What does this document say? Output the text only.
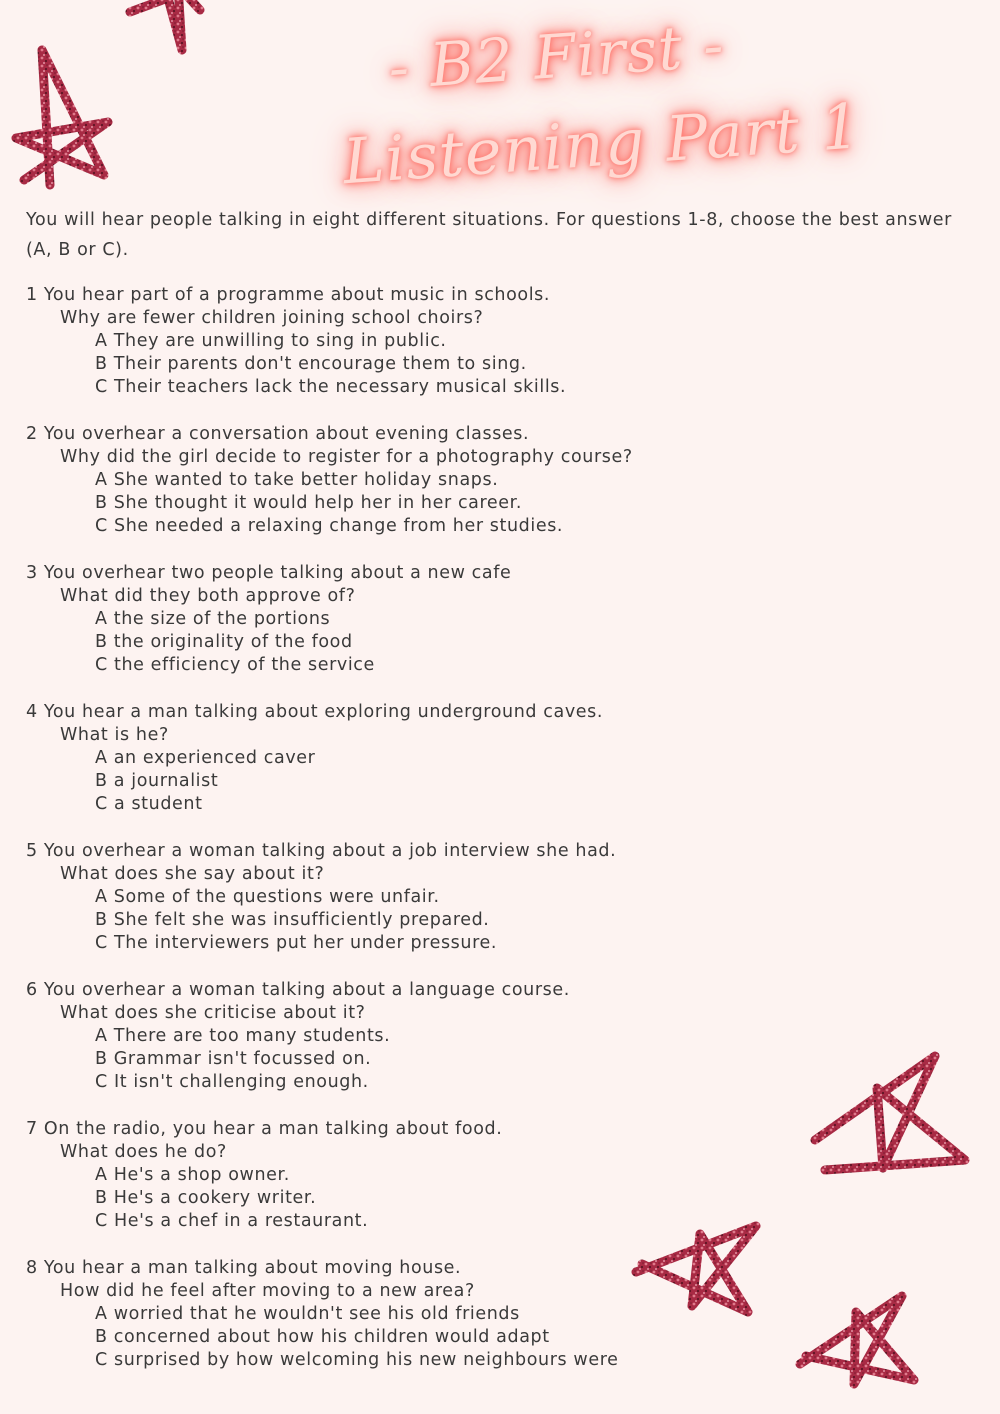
- B2 First -
Listening Part 1
You will hear people talking in eight different situations. For questions 1-8, choose the best answer (A, B or C).
1 You hear part of a programme about music in schools.
Why are fewer children joining school choirs?
A They are unwilling to sing in public.
B Their parents don't encourage them to sing.
C Their teachers lack the necessary musical skills.
2 You overhear a conversation about evening classes.
Why did the girl decide to register for a photography course?
A She wanted to take better holiday snaps.
B She thought it would help her in her career.
C She needed a relaxing change from her studies.
3 You overhear two people talking about a new cafe
What did they both approve of?
A the size of the portions
B the originality of the food
C the efficiency of the service
4 You hear a man talking about exploring underground caves.
What is he?
A an experienced caver
B a journalist
C a student
5 You overhear a woman talking about a job interview she had.
What does she say about it?
A Some of the questions were unfair.
B She felt she was insufficiently prepared.
C The interviewers put her under pressure.
6 You overhear a woman talking about a language course.
What does she criticise about it?
A There are too many students.
B Grammar isn't focussed on.
C It isn't challenging enough.
7 On the radio, you hear a man talking about food.
What does he do?
A He's a shop owner.
B He's a cookery writer.
C He's a chef in a restaurant.
8 You hear a man talking about moving house.
How did he feel after moving to a new area?
A worried that he wouldn't see his old friends
B concerned about how his children would adapt
C surprised by how welcoming his new neighbours were
